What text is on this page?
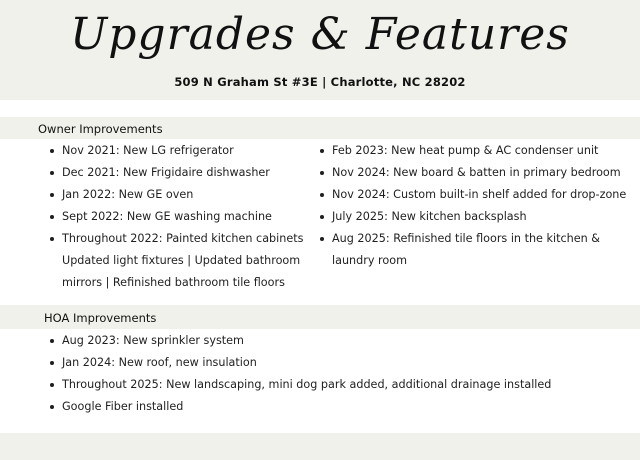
Upgrades & Features
509 N Graham St #3E | Charlotte, NC 28202
Owner Improvements
Nov 2021: New LG refrigerator
Dec 2021: New Frigidaire dishwasher
Jan 2022: New GE oven
Sept 2022: New GE washing machine
Throughout 2022: Painted kitchen cabinets Updated light fixtures | Updated bathroom mirrors | Refinished bathroom tile floors
Feb 2023: New heat pump & AC condenser unit
Nov 2024: New board & batten in primary bedroom
Nov 2024: Custom built-in shelf added for drop-zone
July 2025: New kitchen backsplash
Aug 2025: Refinished tile floors in the kitchen & laundry room
HOA Improvements
Aug 2023: New sprinkler system
Jan 2024: New roof, new insulation
Throughout 2025: New landscaping, mini dog park added, additional drainage installed
Google Fiber installed
